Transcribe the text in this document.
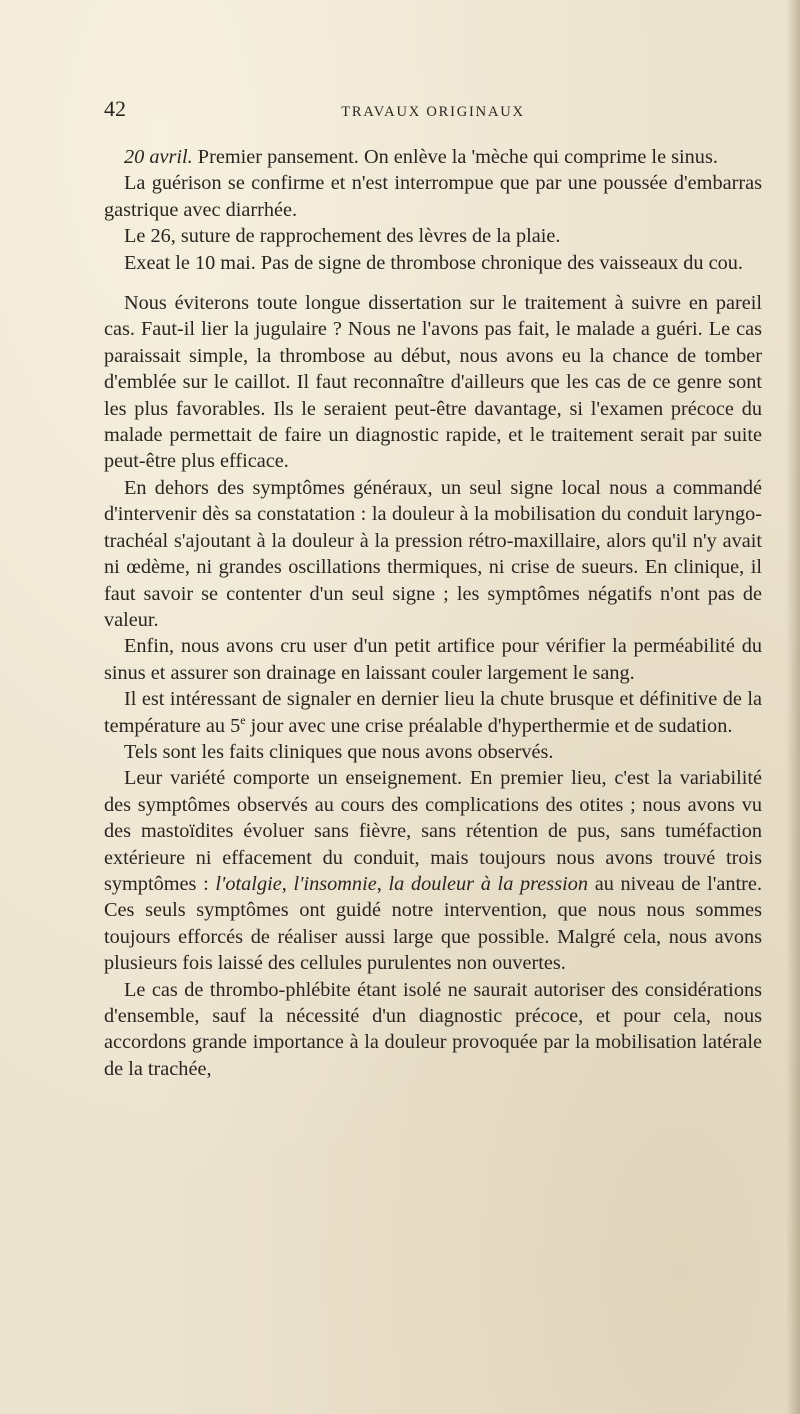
42	TRAVAUX ORIGINAUX

20 avril. Premier pansement. On enlève la 'mèche qui comprime le sinus.

La guérison se confirme et n'est interrompue que par une poussée d'embarras gastrique avec diarrhée.

Le 26, suture de rapprochement des lèvres de la plaie.

Exeat le 10 mai. Pas de signe de thrombose chronique des vaisseaux du cou.

Nous éviterons toute longue dissertation sur le traitement à suivre en pareil cas. Faut-il lier la jugulaire ? Nous ne l'avons pas fait, le malade a guéri. Le cas paraissait simple, la thrombose au début, nous avons eu la chance de tomber d'emblée sur le caillot. Il faut reconnaître d'ailleurs que les cas de ce genre sont les plus favorables. Ils le seraient peut-être davantage, si l'examen précoce du malade permettait de faire un diagnostic rapide, et le traitement serait par suite peut-être plus efficace.

En dehors des symptômes généraux, un seul signe local nous a commandé d'intervenir dès sa constatation : la douleur à la mobilisation du conduit laryngo-trachéal s'ajoutant à la douleur à la pression rétro-maxillaire, alors qu'il n'y avait ni œdème, ni grandes oscillations thermiques, ni crise de sueurs. En clinique, il faut savoir se contenter d'un seul signe ; les symptômes négatifs n'ont pas de valeur.

Enfin, nous avons cru user d'un petit artifice pour vérifier la perméabilité du sinus et assurer son drainage en laissant couler largement le sang.

Il est intéressant de signaler en dernier lieu la chute brusque et définitive de la température au 5e jour avec une crise préalable d'hyperthermie et de sudation.

Tels sont les faits cliniques que nous avons observés.

Leur variété comporte un enseignement. En premier lieu, c'est la variabilité des symptômes observés au cours des complications des otites ; nous avons vu des mastoïdites évoluer sans fièvre, sans rétention de pus, sans tuméfaction extérieure ni effacement du conduit, mais toujours nous avons trouvé trois symptômes : l'otalgie, l'insomnie, la douleur à la pression au niveau de l'antre. Ces seuls symptômes ont guidé notre intervention, que nous nous sommes toujours efforcés de réaliser aussi large que possible. Malgré cela, nous avons plusieurs fois laissé des cellules purulentes non ouvertes.

Le cas de thrombo-phlébite étant isolé ne saurait autoriser des considérations d'ensemble, sauf la nécessité d'un diagnostic précoce, et pour cela, nous accordons grande importance à la douleur provoquée par la mobilisation latérale de la trachée,
